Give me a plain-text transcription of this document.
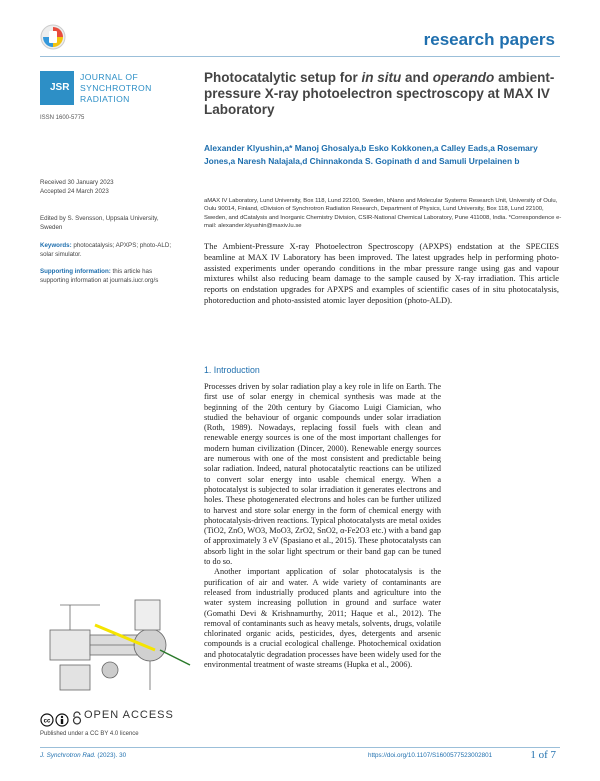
research papers
JSR
JOURNAL OF
SYNCHROTRON
RADIATION
ISSN 1600-5775
Received 30 January 2023
Accepted 24 March 2023
Edited by S. Svensson, Uppsala University, Sweden
Keywords: photocatalysis; APXPS; photo-ALD; solar simulator.
Supporting information: this article has supporting information at journals.iucr.org/s
Photocatalytic setup for in situ and operando ambient-pressure X-ray photoelectron spectroscopy at MAX IV Laboratory
Alexander Klyushin,a* Manoj Ghosalya,b Esko Kokkonen,a Calley Eads,a Rosemary Jones,a Naresh Nalajala,d Chinnakonda S. Gopinath d and Samuli Urpelainen b
aMAX IV Laboratory, Lund University, Box 118, Lund 22100, Sweden, bNano and Molecular Systems Research Unit, University of Oulu, Oulu 90014, Finland, cDivision of Synchrotron Radiation Research, Department of Physics, Lund University, Box 118, Lund 22100, Sweden, and dCatalysis and Inorganic Chemistry Division, CSIR-National Chemical Laboratory, Pune 411008, India. *Correspondence e-mail: alexander.klyushin@maxiv.lu.se
The Ambient-Pressure X-ray Photoelectron Spectroscopy (APXPS) endstation at the SPECIES beamline at MAX IV Laboratory has been improved. The latest upgrades help in performing photo-assisted experiments under operando conditions in the mbar pressure range using gas and vapour mixtures whilst also reducing beam damage to the sample caused by X-ray irradiation. This article reports on endstation upgrades for APXPS and examples of scientific cases of in situ photocatalysis, photoreduction and photo-assisted atomic layer deposition (photo-ALD).
1. Introduction

Processes driven by solar radiation play a key role in life on Earth. The first use of solar energy in chemical synthesis was made at the beginning of the 20th century by Giacomo Luigi Ciamician, who studied the behaviour of organic compounds under solar irradiation (Roth, 1989). Nowadays, replacing fossil fuels with clean and renewable energy sources is one of the most important challenges for modern human civilization (Dincer, 2000). Renewable energy sources are numerous with one of the most consistent and predictable being solar radiation. Indeed, natural photocatalytic reactions can be utilized to convert solar energy into usable chemical energy. When a photocatalyst is subjected to solar irradiation it generates electrons and holes. These photogenerated electrons and holes can be further utilized to harvest and store solar energy in the form of chemical energy with photocatalysis-driven reactions. Typical photocatalysts are metal oxides (TiO2, ZnO, WO3, MoO3, ZrO2, SnO2, α-Fe2O3 etc.) with a band gap of approximately 3 eV (Spasiano et al., 2015). These photocatalysts can absorb light in the solar light spectrum or their band gap can be tuned to do so.

Another important application of solar photocatalysis is the purification of air and water. A wide variety of contaminants are released from industrially produced plants and agriculture into the water system increasing pollution in ground and surface water (Gomathi Devi & Krishnamurthy, 2011; Haque et al., 2012). The removal of contaminants such as heavy metals, solvents, drugs, volatile chlorinated organic acids, pesticides, dyes, detergents and arsenic compounds is a crucial ecological challenge. Photochemical oxidation and photocatalytic degradation processes have been widely used for the environmental treatment of waste streams (Hupka et al., 2006).

cc
OPEN ACCESS
Published under a CC BY 4.0 licence
J. Synchrotron Rad. (2023). 30	https://doi.org/10.1107/S1600577523002801	1 of 7
